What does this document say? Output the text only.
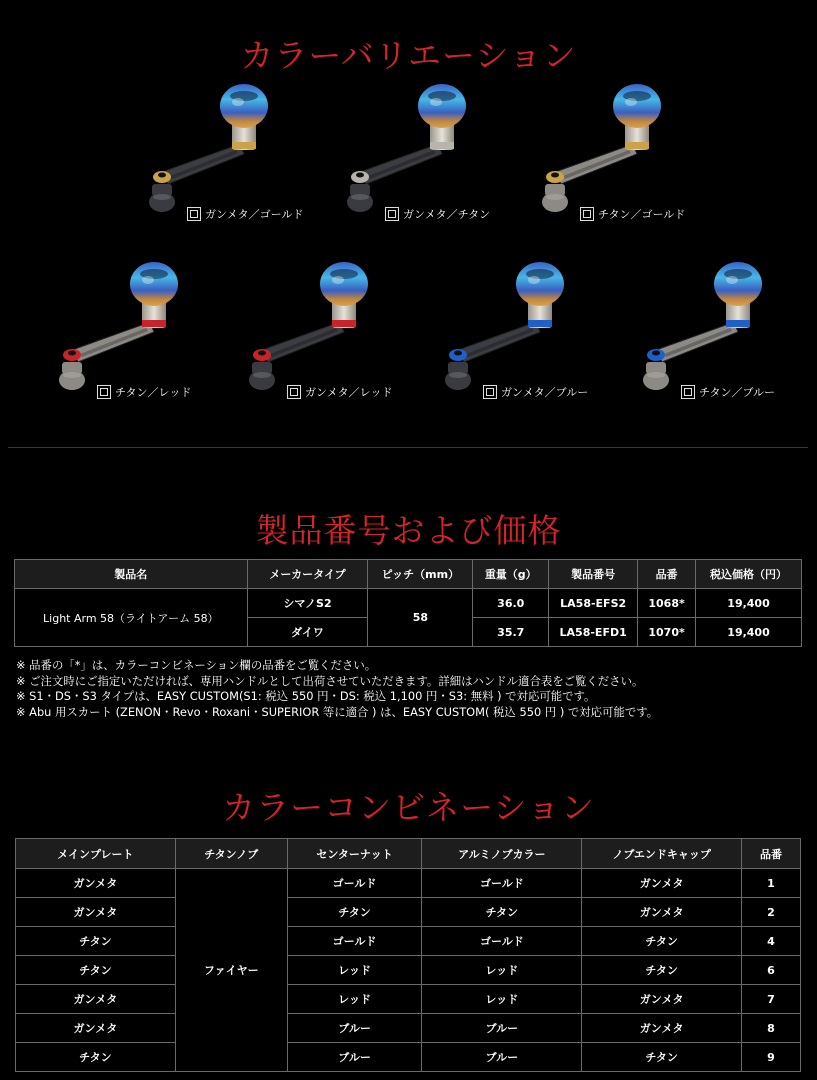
カラーバリエーション
ガンメタ／ゴールド	ガンメタ／チタン	チタン／ゴールド
チタン／レッド	ガンメタ／レッド	ガンメタ／ブルー	チタン／ブルー
製品番号および価格
製品名	メーカータイプ	ピッチ（mm）	重量（g）	製品番号	品番	税込価格（円）
Light Arm 58（ライトアーム 58）	シマノS2	58	36.0	LA58-EFS2	1068*	19,400
	ダイワ		35.7	LA58-EFD1	1070*	19,400
※ 品番の「*」は、カラーコンビネーション欄の品番をご覧ください。
※ ご注文時にご指定いただければ、専用ハンドルとして出荷させていただきます。詳細はハンドル適合表をご覧ください。
※ S1・DS・S3 タイプは、EASY CUSTOM(S1: 税込 550 円・DS: 税込 1,100 円・S3: 無料 ) で対応可能です。
※ Abu 用スカート (ZENON・Revo・Roxani・SUPERIOR 等に適合 ) は、EASY CUSTOM( 税込 550 円 ) で対応可能です。
カラーコンビネーション
メインプレート	チタンノブ	センターナット	アルミノブカラー	ノブエンドキャップ	品番
ガンメタ	ファイヤー	ゴールド	ゴールド	ガンメタ	1
ガンメタ		チタン	チタン	ガンメタ	2
チタン		ゴールド	ゴールド	チタン	4
チタン		レッド	レッド	チタン	6
ガンメタ		レッド	レッド	ガンメタ	7
ガンメタ		ブルー	ブルー	ガンメタ	8
チタン		ブルー	ブルー	チタン	9
